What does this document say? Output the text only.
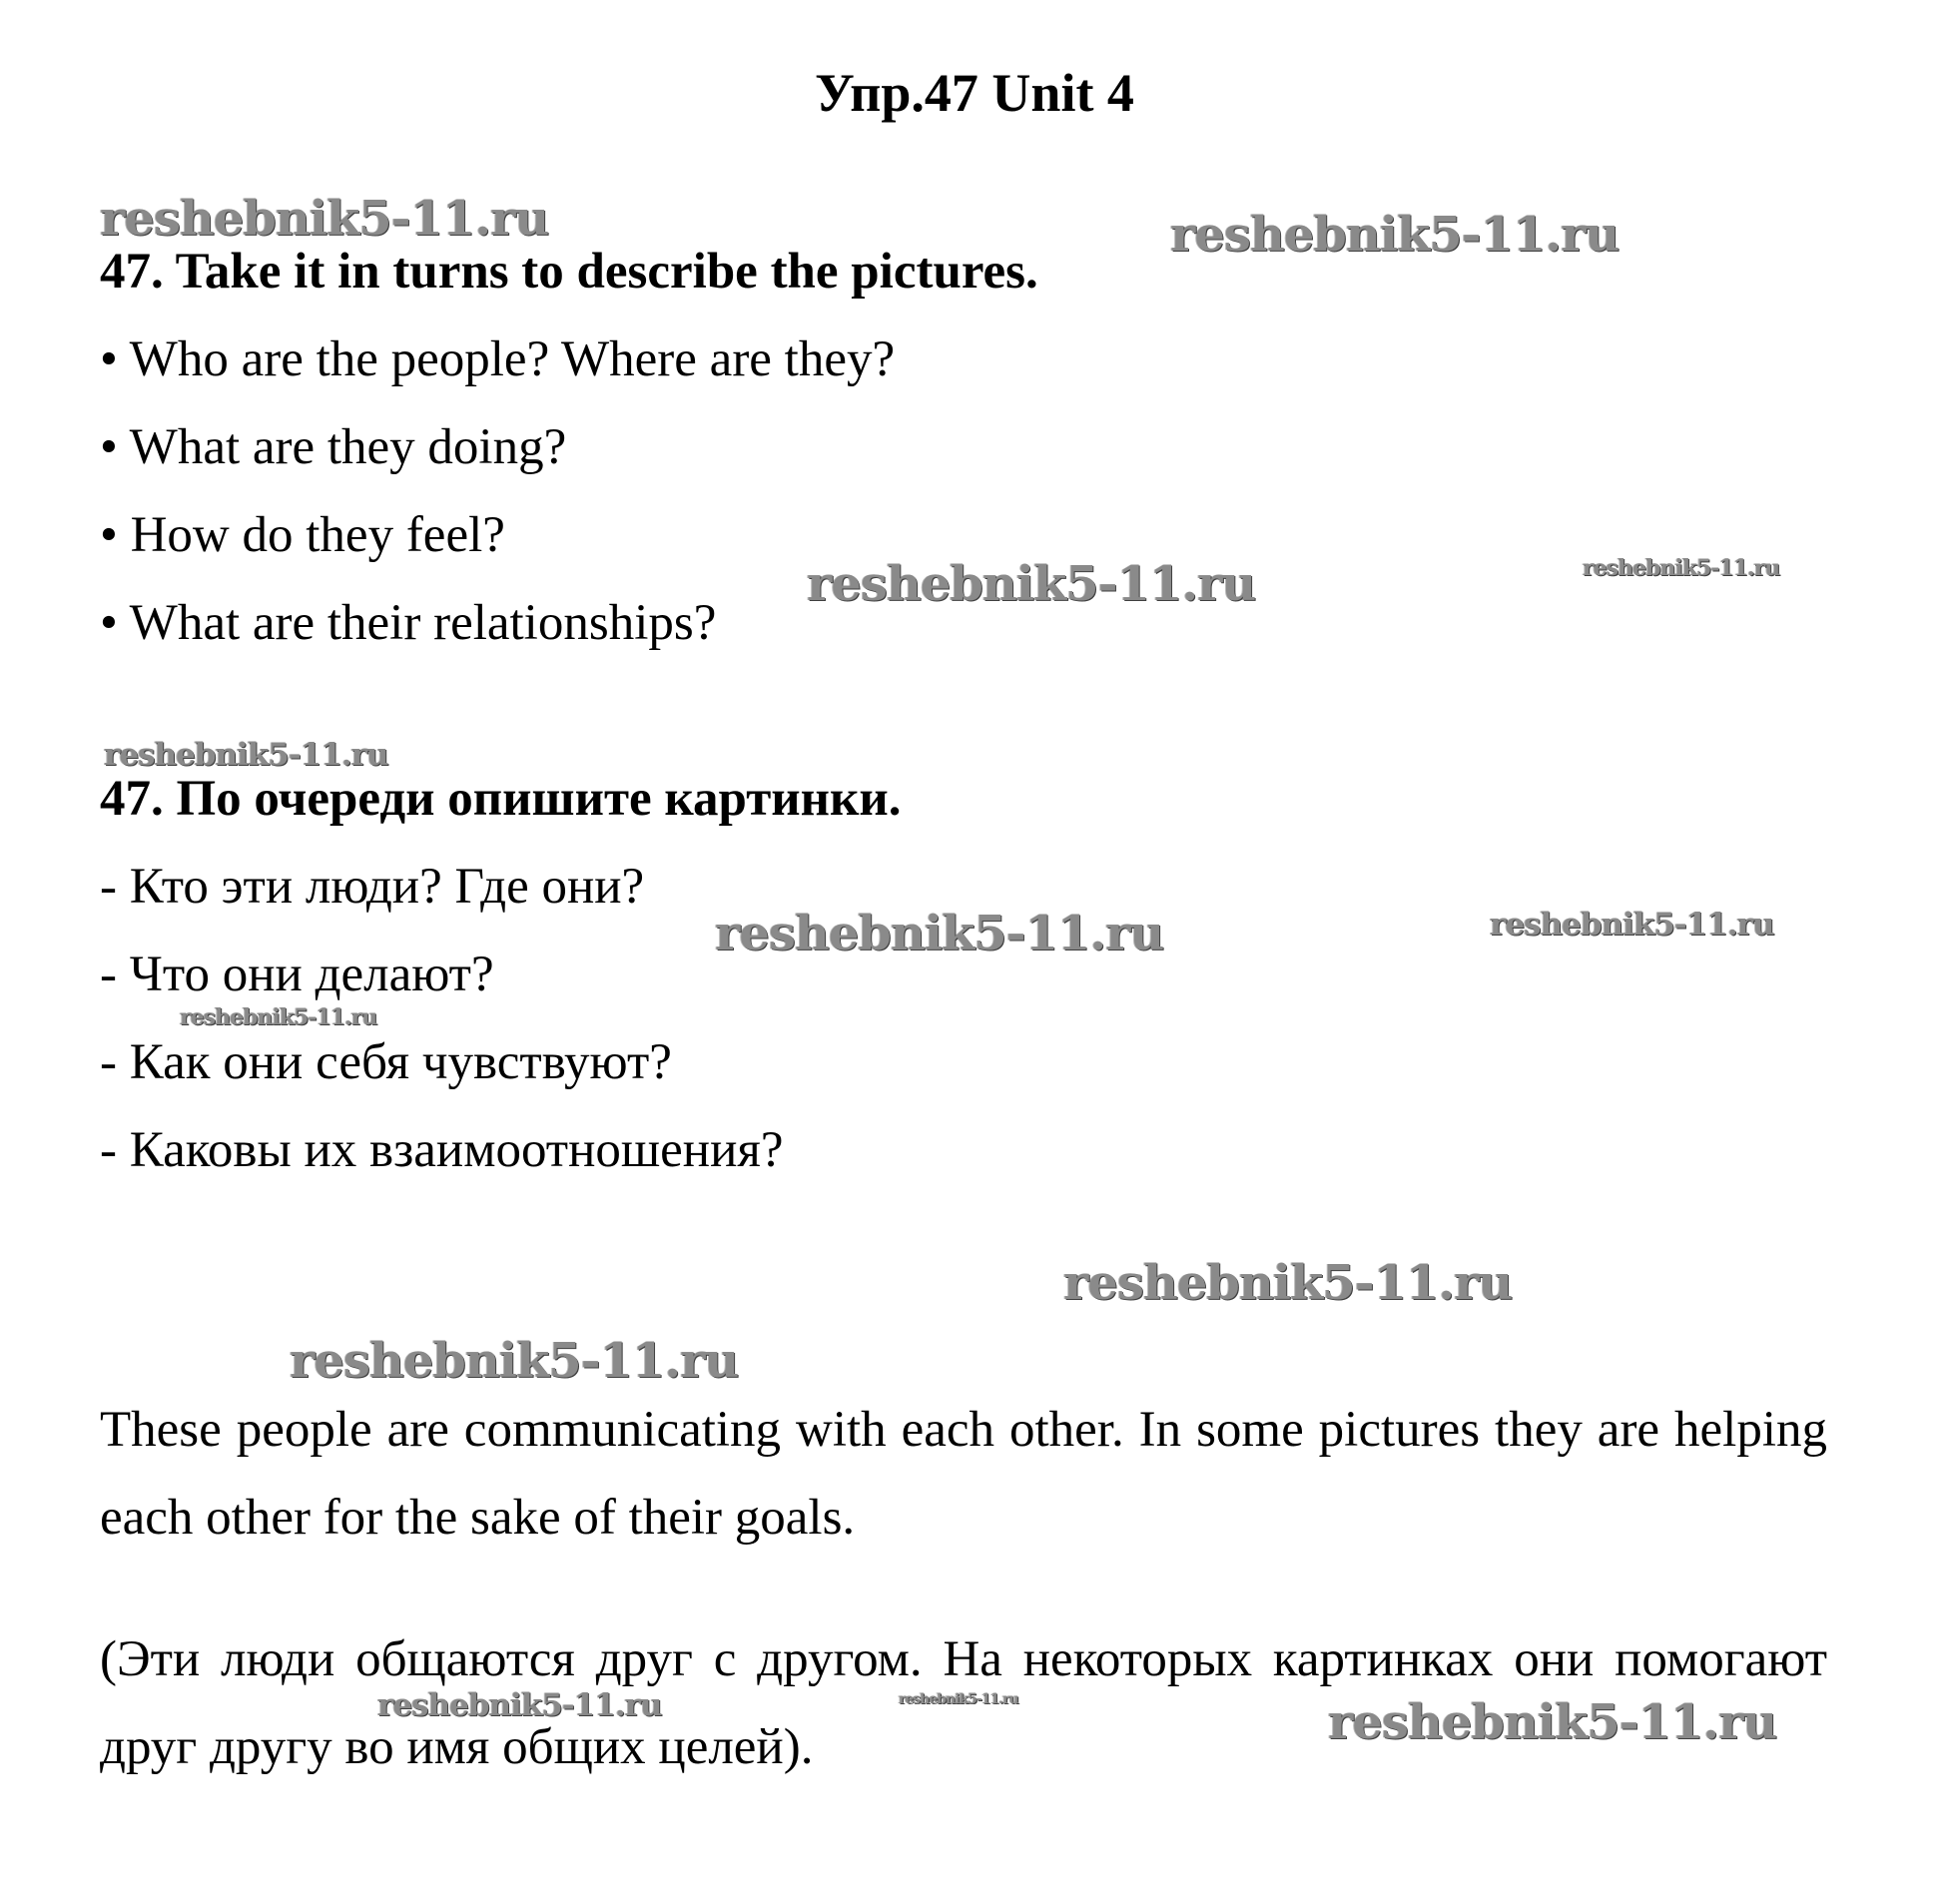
Упр.47 Unit 4
47. Take it in turns to describe the pictures.
• Who are the people? Where are they?
• What are they doing?
• How do they feel?
• What are their relationships?
47. По очереди опишите картинки.
- Кто эти люди? Где они?
- Что они делают?
- Как они себя чувствуют?
- Каковы их взаимоотношения?
These people are communicating with each other. In some pictures they are helping each other for the sake of their goals.
(Эти люди общаются друг с другом. На некоторых картинках они помогают друг другу во имя общих целей).
reshebnik5-11.ru	reshebnik5-11.ru
reshebnik5-11.ru	reshebnik5-11.ru
reshebnik5-11.ru
reshebnik5-11.ru	reshebnik5-11.ru
reshebnik5-11.ru
reshebnik5-11.ru
reshebnik5-11.ru
reshebnik5-11.ru	reshebnik5-11.ru	reshebnik5-11.ru
